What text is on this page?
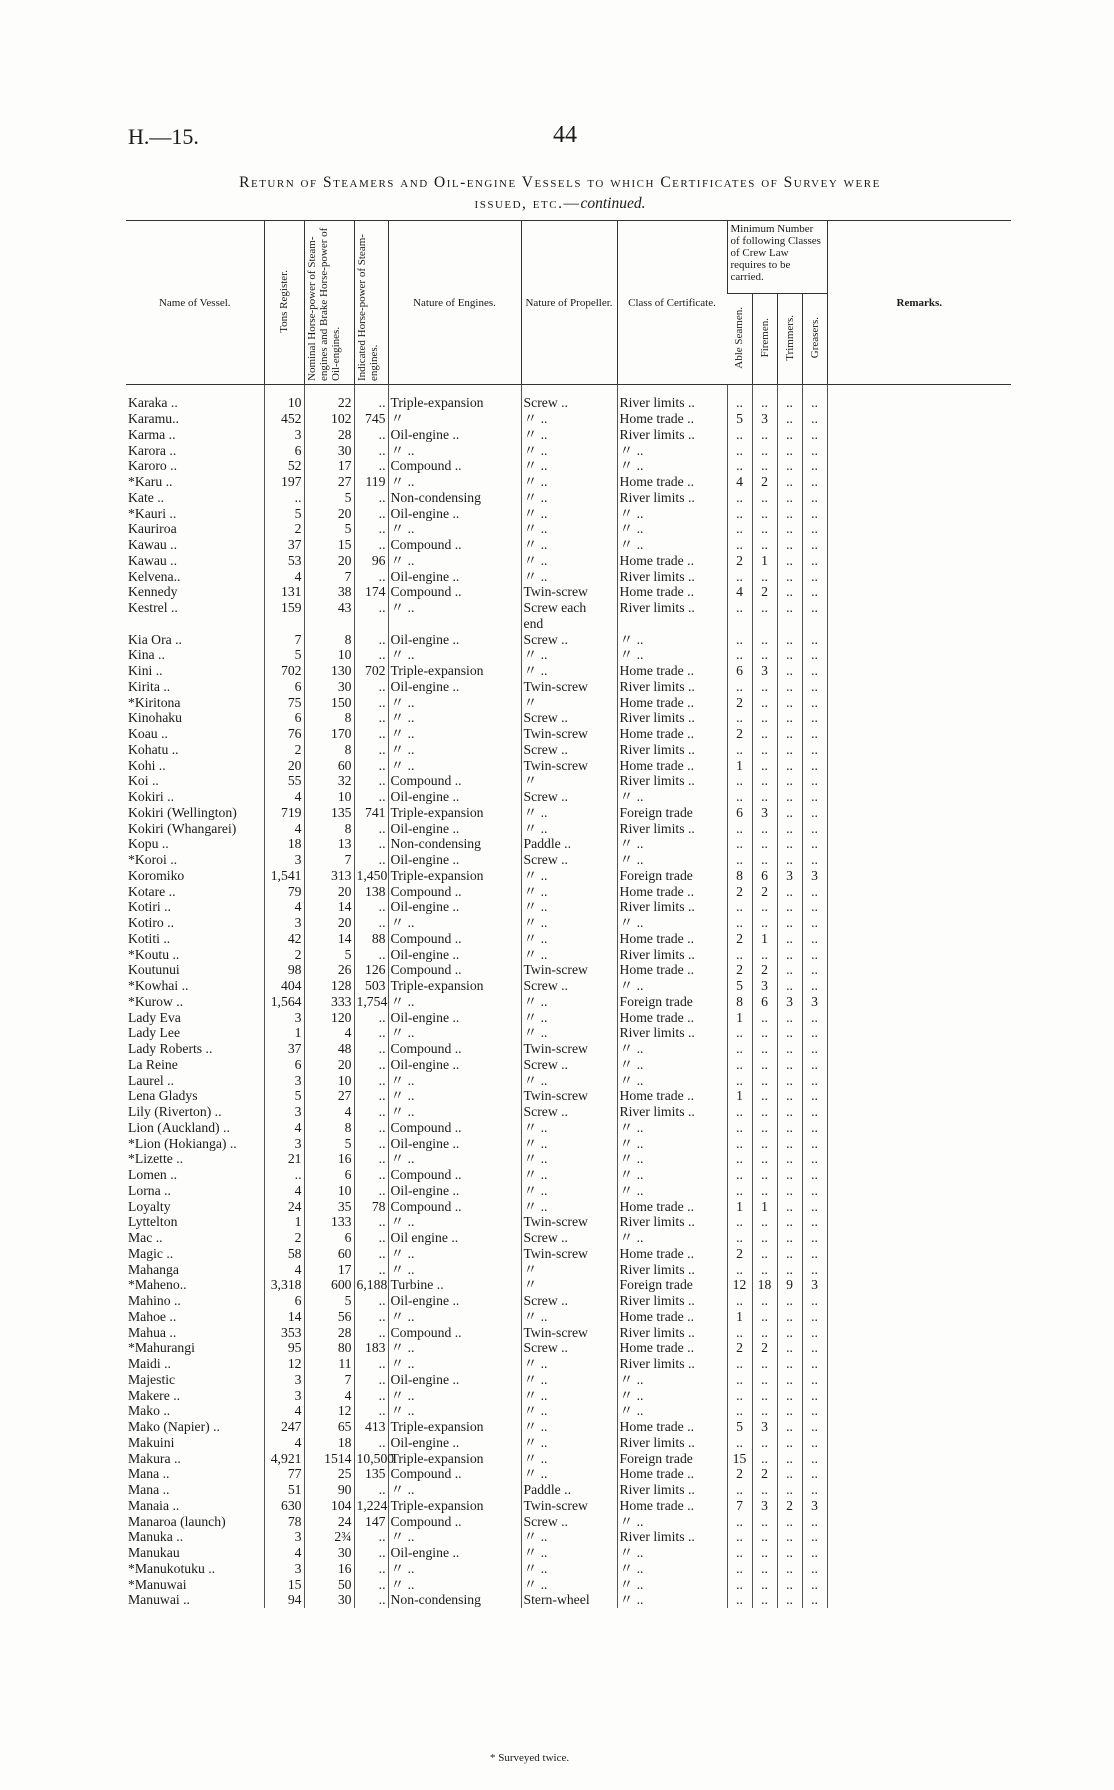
H.—15.	44
Return of Steamers and Oil-engine Vessels to which Certificates of Survey were
issued, etc.—continued.
Name of Vessel.	Tons Register.	Nominal Horse-power of Steam-engines and Brake Horse-power of Oil-engines.	Indicated Horse-power of Steam-engines.	Nature of Engines.	Nature of Propeller.	Class of Certificate.	Minimum Number of following Classes of Crew Law requires to be carried.				Remarks.
							Able Seamen.	Firemen.	Trimmers.	Greasers.	

Karaka ..	10	22	..	Triple-expansion	Screw ..	River limits ..	..	..	..	..	
Karamu..	452	102	745	〃	〃 ..	Home trade ..	5	3	..	..	
Karma ..	3	28	..	Oil-engine ..	〃 ..	River limits ..	..	..	..	..	
Karora ..	6	30	..	〃 ..	〃 ..	〃 ..	..	..	..	..	
Karoro ..	52	17	..	Compound ..	〃 ..	〃 ..	..	..	..	..	
*Karu ..	197	27	119	〃 ..	〃 ..	Home trade ..	4	2	..	..	
Kate ..	..	5	..	Non-condensing	〃 ..	River limits ..	..	..	..	..	
*Kauri ..	5	20	..	Oil-engine ..	〃 ..	〃 ..	..	..	..	..	
Kauriroa	2	5	..	〃 ..	〃 ..	〃 ..	..	..	..	..	
Kawau ..	37	15	..	Compound ..	〃 ..	〃 ..	..	..	..	..	
Kawau ..	53	20	96	〃 ..	〃 ..	Home trade ..	2	1	..	..	
Kelvena..	4	7	..	Oil-engine ..	〃 ..	River limits ..	..	..	..	..	
Kennedy	131	38	174	Compound ..	Twin-screw	Home trade ..	4	2	..	..	
Kestrel ..	159	43	..	〃 ..	Screw each	River limits ..	..	..	..	..	
					end						
Kia Ora ..	7	8	..	Oil-engine ..	Screw ..	〃 ..	..	..	..	..	
Kina ..	5	10	..	〃 ..	〃 ..	〃 ..	..	..	..	..	
Kini ..	702	130	702	Triple-expansion	〃 ..	Home trade ..	6	3	..	..	
Kirita ..	6	30	..	Oil-engine ..	Twin-screw	River limits ..	..	..	..	..	
*Kiritona	75	150	..	〃 ..	〃	Home trade ..	2	..	..	..	
Kinohaku	6	8	..	〃 ..	Screw ..	River limits ..	..	..	..	..	
Koau ..	76	170	..	〃 ..	Twin-screw	Home trade ..	2	..	..	..	
Kohatu ..	2	8	..	〃 ..	Screw ..	River limits ..	..	..	..	..	
Kohi ..	20	60	..	〃 ..	Twin-screw	Home trade ..	1	..	..	..	
Koi ..	55	32	..	Compound ..	〃	River limits ..	..	..	..	..	
Kokiri ..	4	10	..	Oil-engine ..	Screw ..	〃 ..	..	..	..	..	
Kokiri (Wellington)	719	135	741	Triple-expansion	〃 ..	Foreign trade	6	3	..	..	
Kokiri (Whangarei)	4	8	..	Oil-engine ..	〃 ..	River limits ..	..	..	..	..	
Kopu ..	18	13	..	Non-condensing	Paddle ..	〃 ..	..	..	..	..	
*Koroi ..	3	7	..	Oil-engine ..	Screw ..	〃 ..	..	..	..	..	
Koromiko	1,541	313	1,450	Triple-expansion	〃 ..	Foreign trade	8	6	3	3	
Kotare ..	79	20	138	Compound ..	〃 ..	Home trade ..	2	2	..	..	
Kotiri ..	4	14	..	Oil-engine ..	〃 ..	River limits ..	..	..	..	..	
Kotiro ..	3	20	..	〃 ..	〃 ..	〃 ..	..	..	..	..	
Kotiti ..	42	14	88	Compound ..	〃 ..	Home trade ..	2	1	..	..	
*Koutu ..	2	5	..	Oil-engine ..	〃 ..	River limits ..	..	..	..	..	
Koutunui	98	26	126	Compound ..	Twin-screw	Home trade ..	2	2	..	..	
*Kowhai ..	404	128	503	Triple-expansion	Screw ..	〃 ..	5	3	..	..	
*Kurow ..	1,564	333	1,754	〃 ..	〃 ..	Foreign trade	8	6	3	3	
Lady Eva	3	120	..	Oil-engine ..	〃 ..	Home trade ..	1	..	..	..	
Lady Lee	1	4	..	〃 ..	〃 ..	River limits ..	..	..	..	..	
Lady Roberts ..	37	48	..	Compound ..	Twin-screw	〃 ..	..	..	..	..	
La Reine	6	20	..	Oil-engine ..	Screw ..	〃 ..	..	..	..	..	
Laurel ..	3	10	..	〃 ..	〃 ..	〃 ..	..	..	..	..	
Lena Gladys	5	27	..	〃 ..	Twin-screw	Home trade ..	1	..	..	..	
Lily (Riverton) ..	3	4	..	〃 ..	Screw ..	River limits ..	..	..	..	..	
Lion (Auckland) ..	4	8	..	Compound ..	〃 ..	〃 ..	..	..	..	..	
*Lion (Hokianga) ..	3	5	..	Oil-engine ..	〃 ..	〃 ..	..	..	..	..	
*Lizette ..	21	16	..	〃 ..	〃 ..	〃 ..	..	..	..	..	
Lomen ..	..	6	..	Compound ..	〃 ..	〃 ..	..	..	..	..	
Lorna ..	4	10	..	Oil-engine ..	〃 ..	〃 ..	..	..	..	..	
Loyalty	24	35	78	Compound ..	〃 ..	Home trade ..	1	1	..	..	
Lyttelton	1	133	..	〃 ..	Twin-screw	River limits ..	..	..	..	..	
Mac ..	2	6	..	Oil engine ..	Screw ..	〃 ..	..	..	..	..	
Magic ..	58	60	..	〃 ..	Twin-screw	Home trade ..	2	..	..	..	
Mahanga	4	17	..	〃 ..	〃	River limits ..	..	..	..	..	
*Maheno..	3,318	600	6,188	Turbine ..	〃	Foreign trade	12	18	9	3	
Mahino ..	6	5	..	Oil-engine ..	Screw ..	River limits ..	..	..	..	..	
Mahoe ..	14	56	..	〃 ..	〃 ..	Home trade ..	1	..	..	..	
Mahua ..	353	28	..	Compound ..	Twin-screw	River limits ..	..	..	..	..	
*Mahurangi	95	80	183	〃 ..	Screw ..	Home trade ..	2	2	..	..	
Maidi ..	12	11	..	〃 ..	〃 ..	River limits ..	..	..	..	..	
Majestic	3	7	..	Oil-engine ..	〃 ..	〃 ..	..	..	..	..	
Makere ..	3	4	..	〃 ..	〃 ..	〃 ..	..	..	..	..	
Mako ..	4	12	..	〃 ..	〃 ..	〃 ..	..	..	..	..	
Mako (Napier) ..	247	65	413	Triple-expansion	〃 ..	Home trade ..	5	3	..	..	
Makuini	4	18	..	Oil-engine ..	〃 ..	River limits ..	..	..	..	..	
Makura ..	4,921	1514	10,500	Triple-expansion	〃 ..	Foreign trade	15	..	..	..	
Mana ..	77	25	135	Compound ..	〃 ..	Home trade ..	2	2	..	..	
Mana ..	51	90	..	〃 ..	Paddle ..	River limits ..	..	..	..	..	
Manaia ..	630	104	1,224	Triple-expansion	Twin-screw	Home trade ..	7	3	2	3	
Manaroa (launch)	78	24	147	Compound ..	Screw ..	〃 ..	..	..	..	..	
Manuka ..	3	2¾	..	〃 ..	〃 ..	River limits ..	..	..	..	..	
Manukau	4	30	..	Oil-engine ..	〃 ..	〃 ..	..	..	..	..	
*Manukotuku ..	3	16	..	〃 ..	〃 ..	〃 ..	..	..	..	..	
*Manuwai	15	50	..	〃 ..	〃 ..	〃 ..	..	..	..	..	
Manuwai ..	94	30	..	Non-condensing	Stern-wheel	〃 ..	..	..	..	..	
* Surveyed twice.
